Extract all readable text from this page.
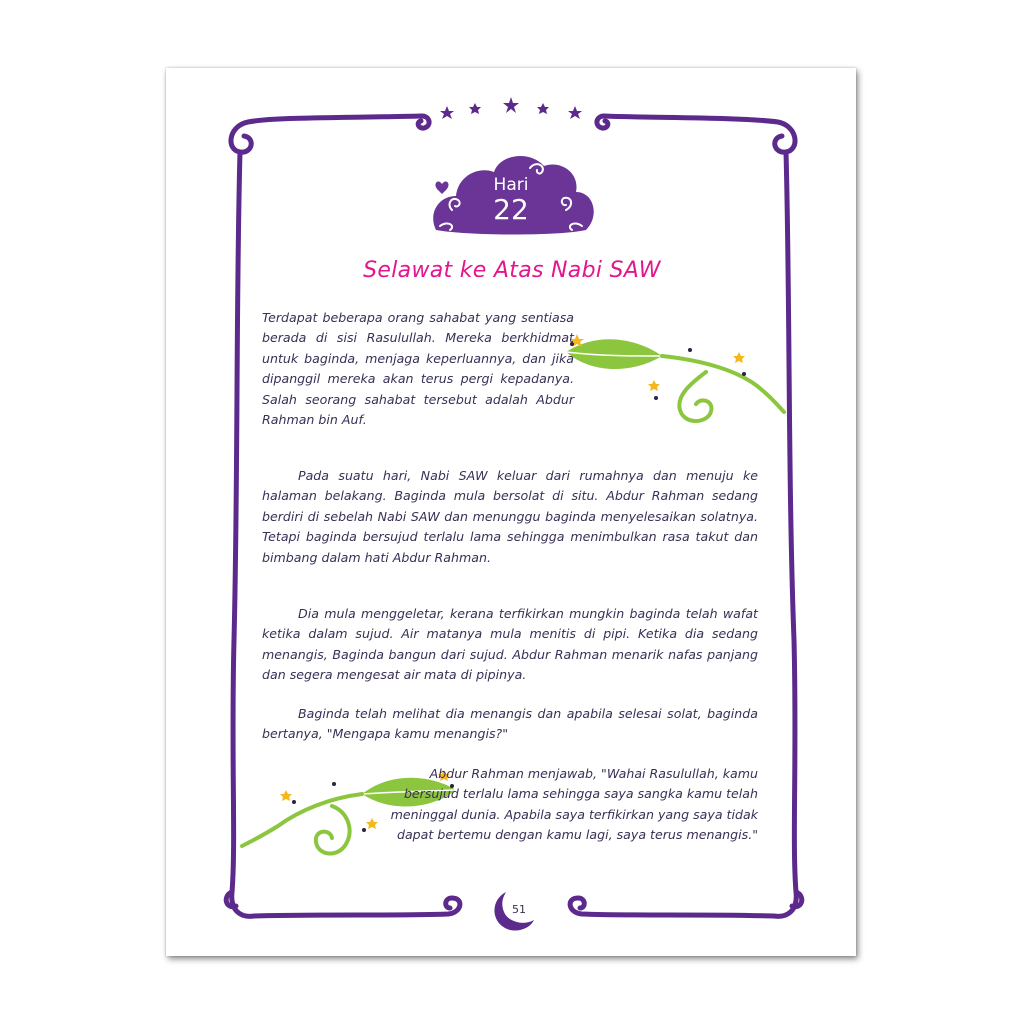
Hari
22
Selawat ke Atas Nabi SAW
Terdapat beberapa orang sahabat yang sentiasa berada di sisi Rasulullah. Mereka berkhidmat untuk baginda, menjaga keperluannya, dan jika dipanggil mereka akan terus pergi kepadanya. Salah seorang sahabat tersebut adalah Abdur Rahman bin Auf.
Pada suatu hari, Nabi SAW keluar dari rumahnya dan menuju ke halaman belakang. Baginda mula bersolat di situ. Abdur Rahman sedang berdiri di sebelah Nabi SAW dan menunggu baginda menyelesaikan solatnya. Tetapi baginda bersujud terlalu lama sehingga menimbulkan rasa takut dan bimbang dalam hati Abdur Rahman.
Dia mula menggeletar, kerana terfikirkan mungkin baginda telah wafat ketika dalam sujud. Air matanya mula menitis di pipi. Ketika dia sedang menangis, Baginda bangun dari sujud. Abdur Rahman menarik nafas panjang dan segera mengesat air mata di pipinya.
Baginda telah melihat dia menangis dan apabila selesai solat, baginda bertanya, "Mengapa kamu menangis?"
Abdur Rahman menjawab, "Wahai Rasulullah, kamu bersujud terlalu lama sehingga saya sangka kamu telah meninggal dunia. Apabila saya terfikirkan yang saya tidak dapat bertemu dengan kamu lagi, saya terus menangis."
51
